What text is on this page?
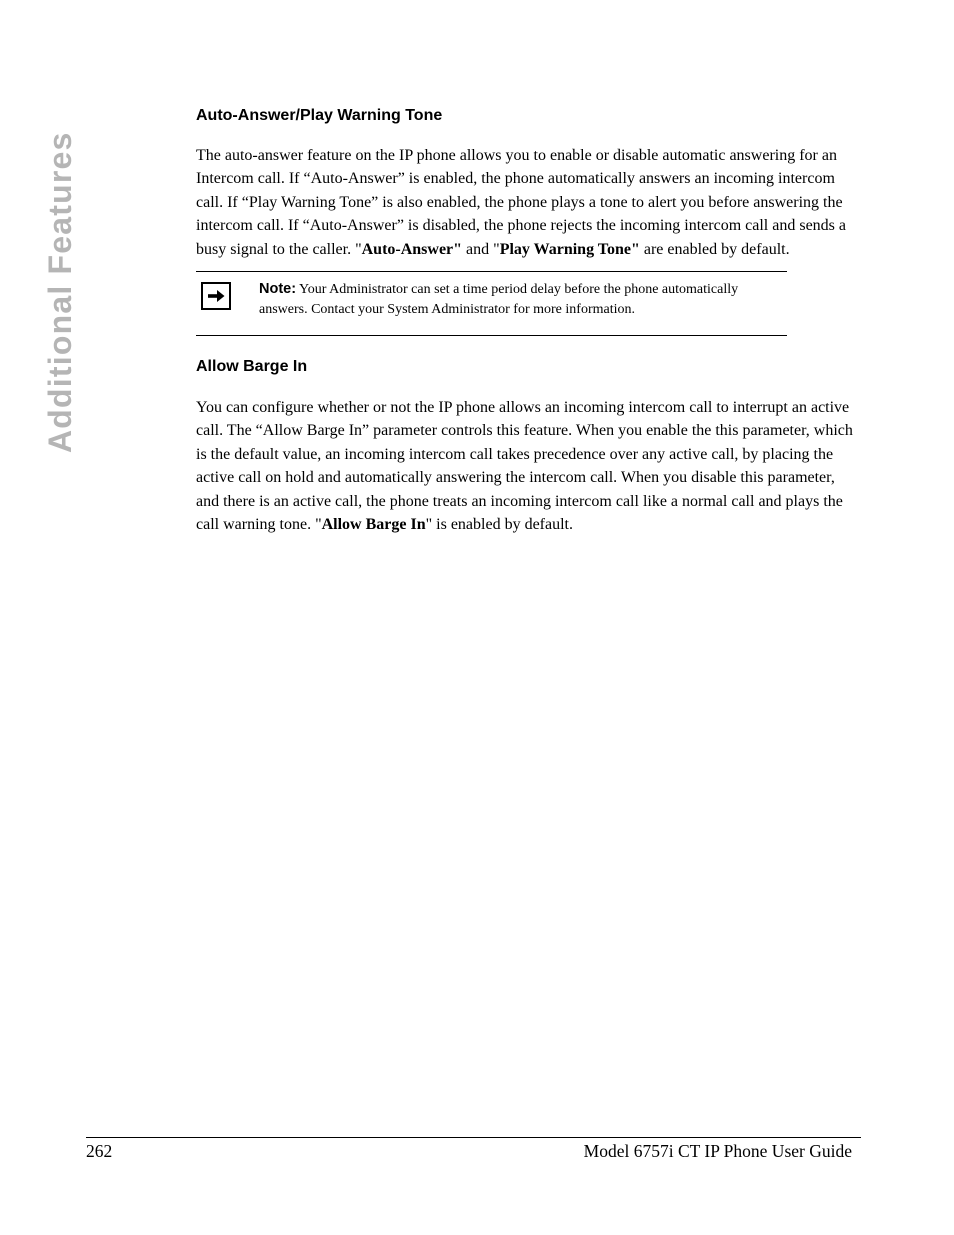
Additional Features
Auto-Answer/Play Warning Tone

The auto-answer feature on the IP phone allows you to enable or disable automatic answering for an Intercom call. If “Auto-Answer” is enabled, the phone automatically answers an incoming intercom call. If “Play Warning Tone” is also enabled, the phone plays a tone to alert you before answering the intercom call. If “Auto-Answer” is disabled, the phone rejects the incoming intercom call and sends a busy signal to the caller. "Auto-Answer" and "Play Warning Tone" are enabled by default.

Note: Your Administrator can set a time period delay before the phone automatically answers. Contact your System Administrator for more information.

Allow Barge In

You can configure whether or not the IP phone allows an incoming intercom call to interrupt an active call. The “Allow Barge In” parameter controls this feature. When you enable the this parameter, which is the default value, an incoming intercom call takes precedence over any active call, by placing the active call on hold and automatically answering the intercom call. When you disable this parameter, and there is an active call, the phone treats an incoming intercom call like a normal call and plays the call warning tone. "Allow Barge In" is enabled by default.

262	Model 6757i CT IP Phone User Guide
